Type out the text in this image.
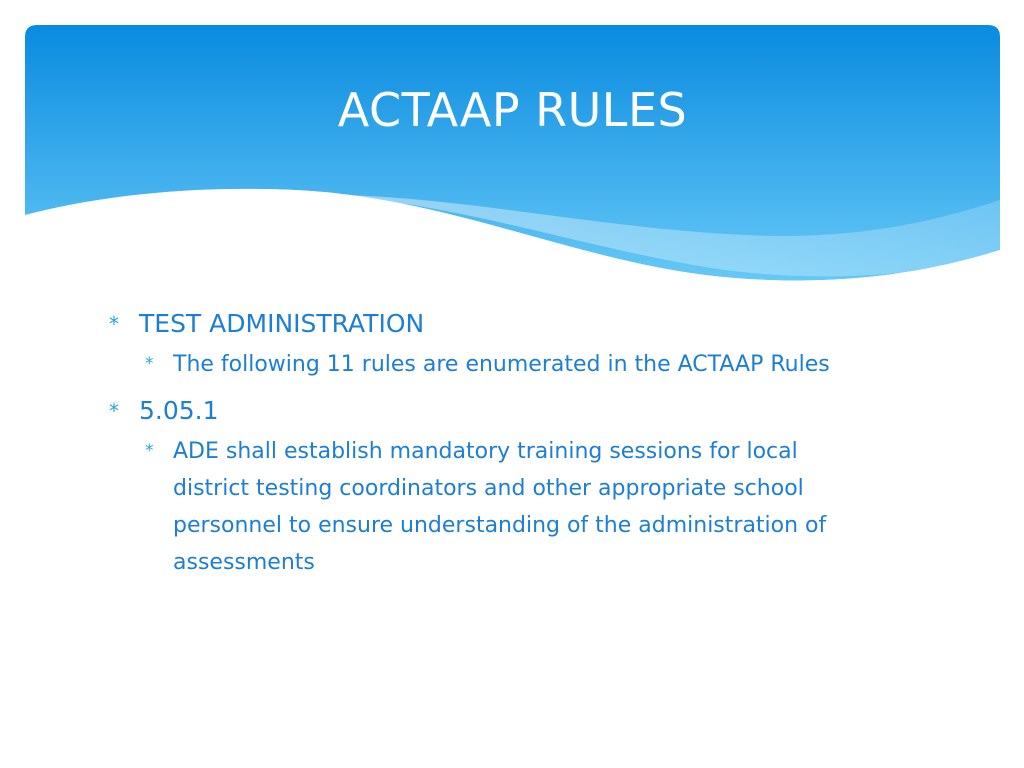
ACTAAP RULES
* TEST ADMINISTRATION
* The following 11 rules are enumerated in the ACTAAP Rules
* 5.05.1
* ADE shall establish mandatory training sessions for local district testing coordinators and other appropriate school personnel to ensure understanding of the administration of assessments
